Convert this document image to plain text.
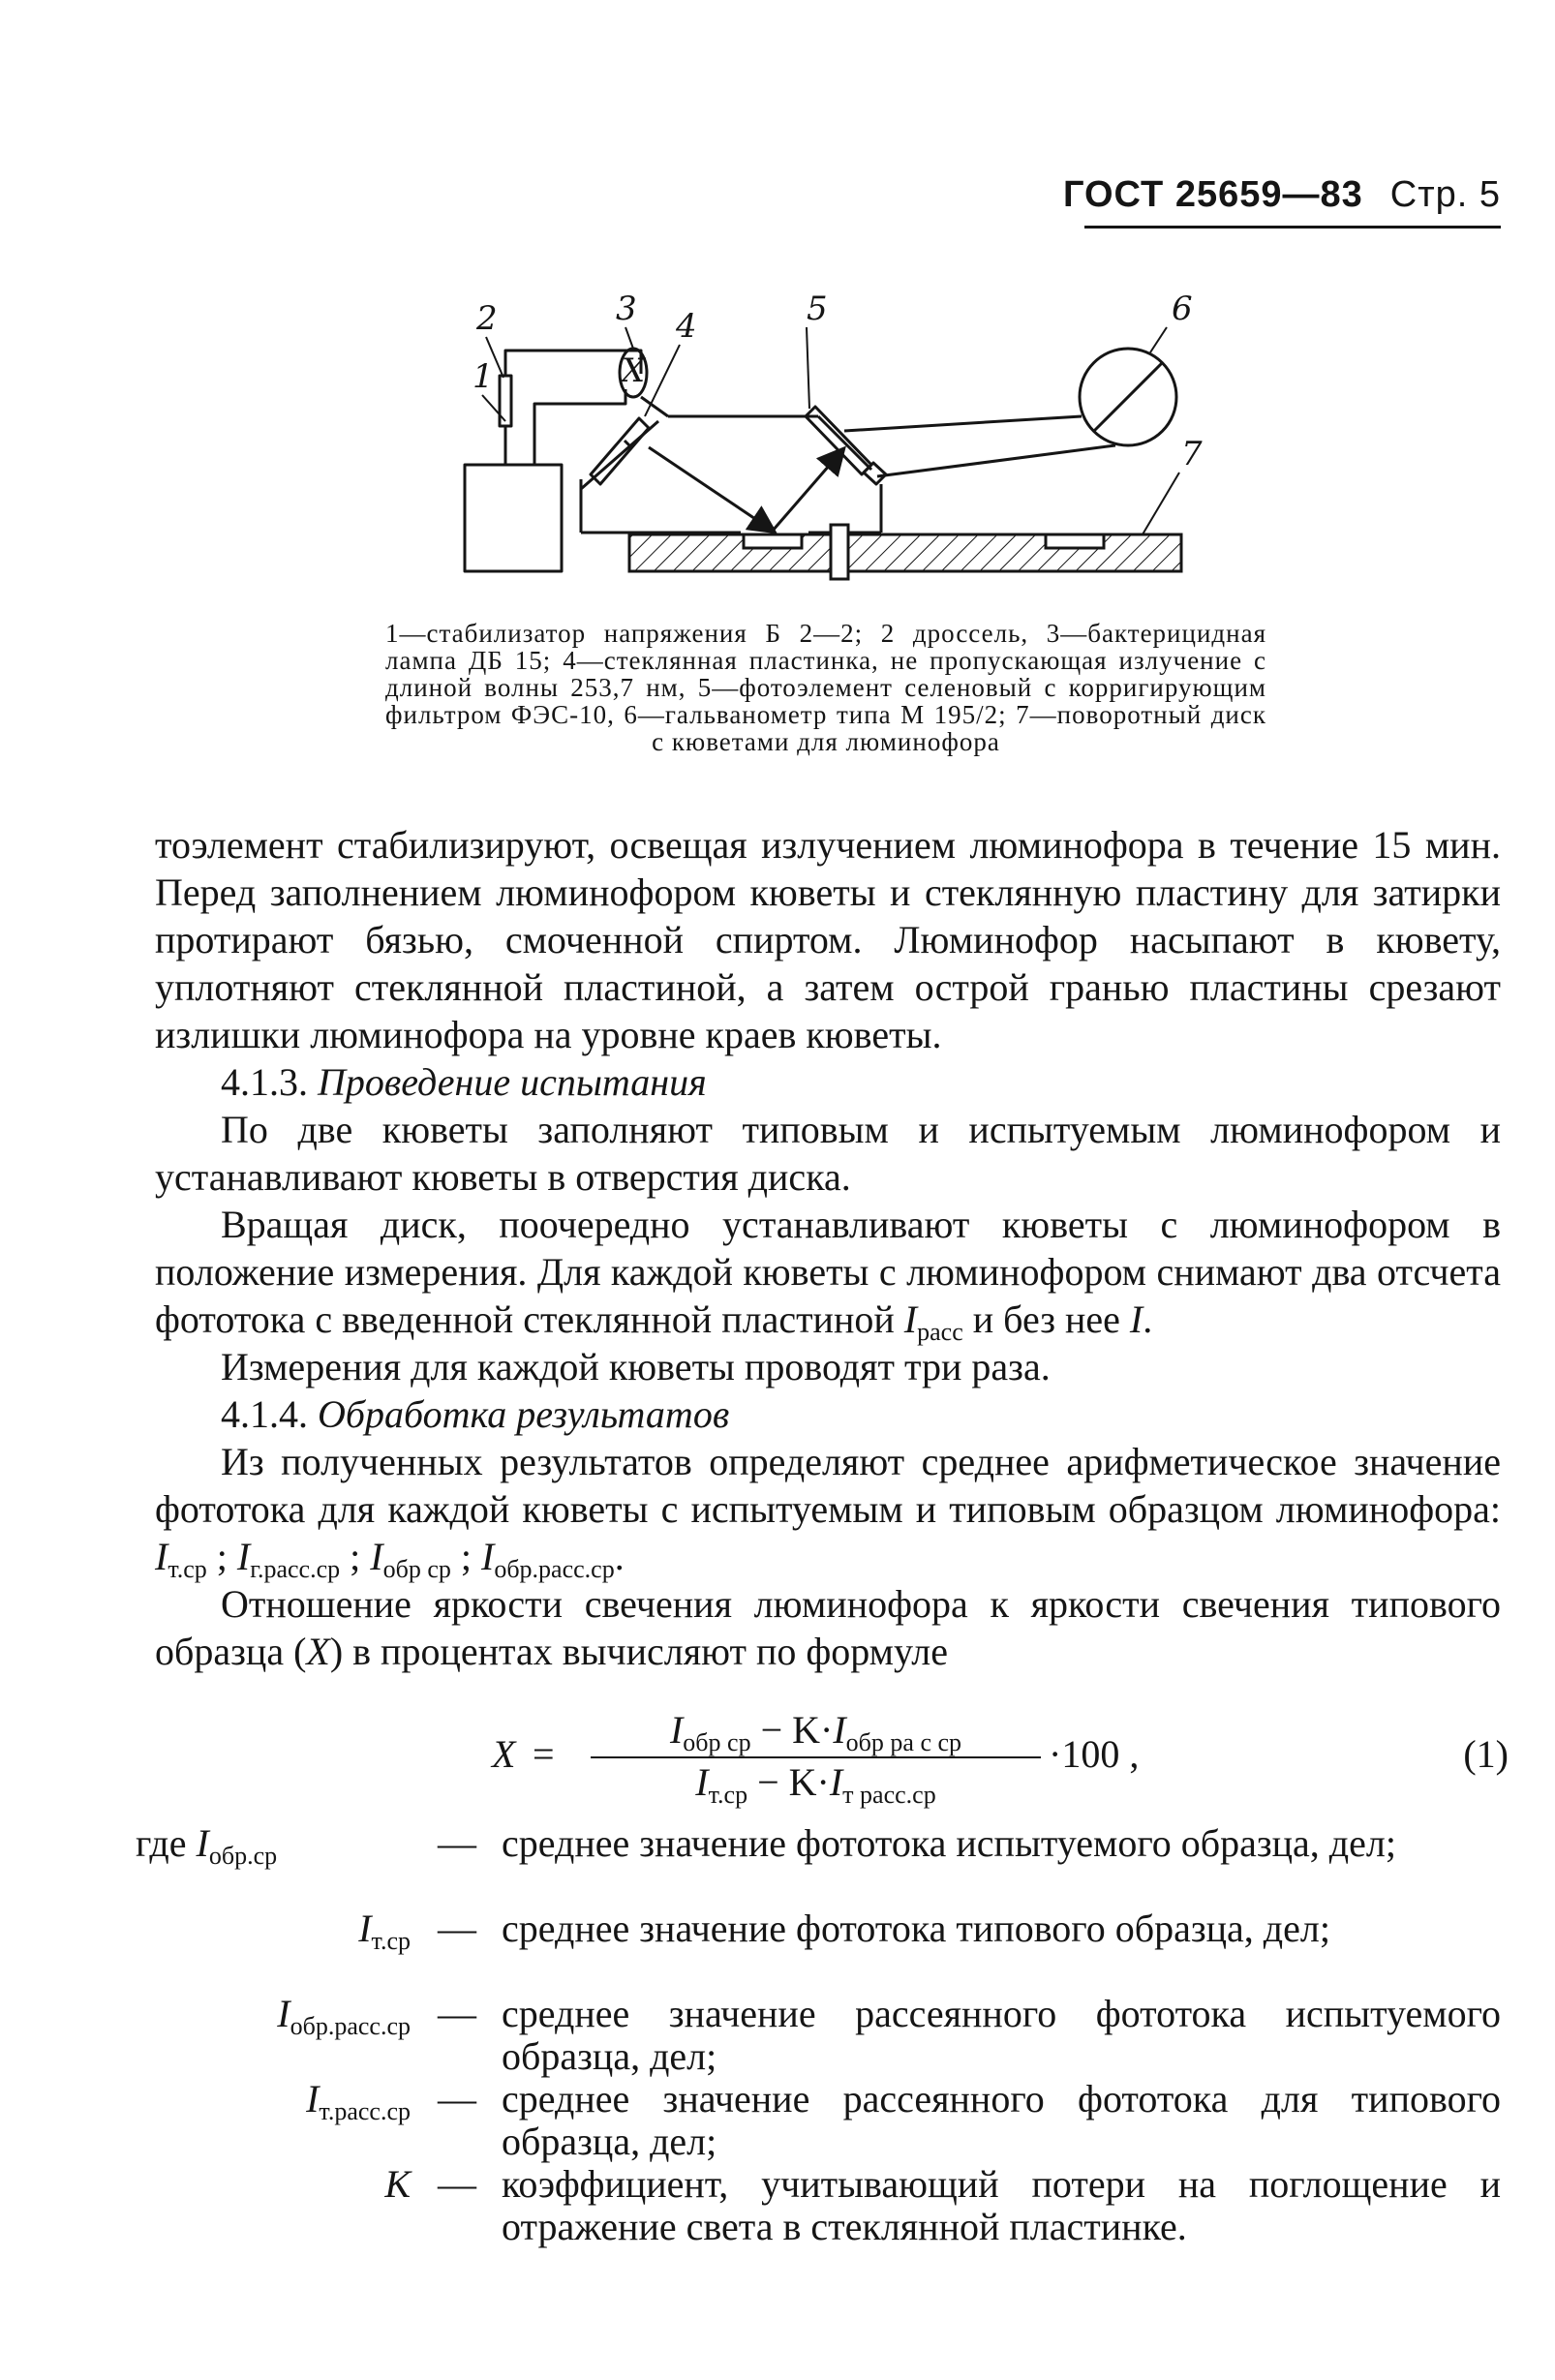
ГОСТ 25659—83 Стр. 5
X
1
2	3 4	5	6
7
1—стабилизатор напряжения Б 2—2; 2 дроссель, 3—бактерицидная лампа ДБ 15; 4—стеклянная пластинка, не пропускающая излучение с длиной волны 253,7 нм, 5—фотоэлемент селеновый с корригирующим фильтром ФЭС-10, 6—гальванометр типа М 195/2; 7—поворотный диск с кюветами для люминофора

тоэлемент стабилизируют, освещая излучением люминофора в течение 15 мин. Перед заполнением люминофором кюветы и стеклянную пластину для затирки протирают бязью, смоченной спиртом. Люминофор насыпают в кювету, уплотняют стеклянной пластиной, а затем острой гранью пластины срезают излишки люминофора на уровне краев кюветы.

4.1.3. Проведение испытания

По две кюветы заполняют типовым и испытуемым люминофором и устанавливают кюветы в отверстия диска.

Вращая диск, поочередно устанавливают кюветы с люминофором в положение измерения. Для каждой кюветы с люминофором снимают два отсчета фототока с введенной стеклянной пластиной $I_{расс}$ и без нее I.

Измерения для каждой кюветы проводят три раза.

4.1.4. Обработка результатов

Из полученных результатов определяют среднее арифметическое значение фототока для каждой кюветы с испытуемым и типовым образцом люминофора: $I_{т.ср}$ ; $I_{г.расс.ср}$ ; $I_{обр ср}$ ; $I_{обр.расс.ср}$.

Отношение яркости свечения люминофора к яркости свечения типового образца (X) в процентах вычисляют по формуле

X =
$I_{обр ср} - K\cdot I_{обр ра с ср}$
$I_{т.ср} - K\cdot I_{т расс.ср}$
·100 ,	(1)
где $I_{обр.ср}$	— среднее значение фототока испытуемого образца, дел;
$I_{т.ср}$ — среднее значение фототока типового образца, дел;
$I_{обр.расс.ср}$ — среднее значение рассеянного фототока испытуемого образца, дел;
$I_{т.расс.ср}$ — среднее значение рассеянного фототока для типового образца, дел;
K — коэффициент, учитывающий потери на поглощение и отражение света в стеклянной пластинке.
